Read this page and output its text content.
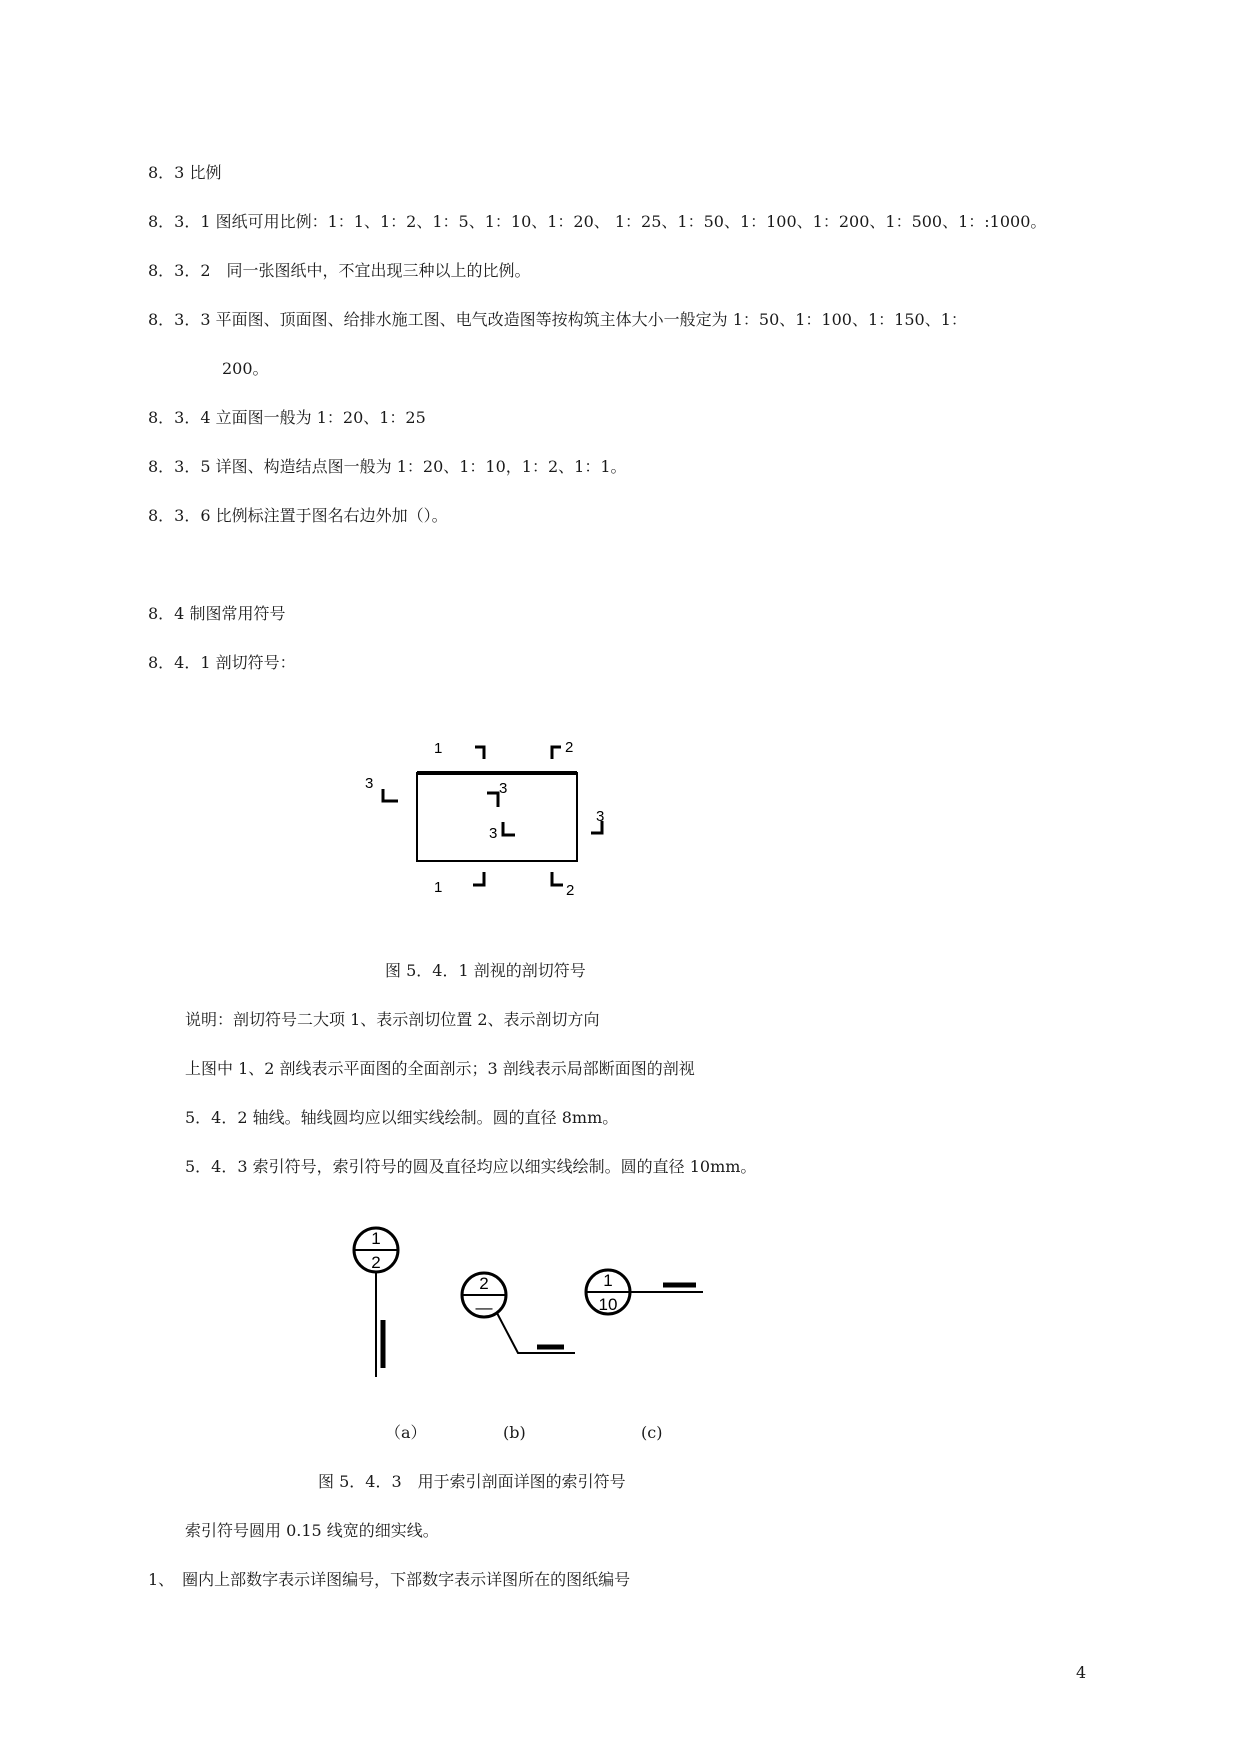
8．3 比例
8．3．1 图纸可用比例：1：1、1：2、1：5、1：10、1：20、 1：25、1：50、1：100、1：200、1：500、1：:1000。
8．3．2　同一张图纸中，不宜出现三种以上的比例。
8．3．3 平面图、顶面图、给排水施工图、电气改造图等按构筑主体大小一般定为 1：50、1：100、1：150、1：
200。
8．3．4 立面图一般为 1：20、1：25
8．3．5 详图、构造结点图一般为 1：20、1：10，1：2、1：1。
8．3．6 比例标注置于图名右边外加（）。
8．4 制图常用符号
8．4．1 剖切符号：
1	2
3	3
3
3
1	2
图 5．4．1 剖视的剖切符号
说明：剖切符号二大项 1、表示剖切位置 2、表示剖切方向
上图中 1、2 剖线表示平面图的全面剖示；3 剖线表示局部断面图的剖视
5．4．2 轴线。轴线圆均应以细实线绘制。圆的直径 8mm。
5．4．3 索引符号，索引符号的圆及直径均应以细实线绘制。圆的直径 10mm。
1
2
2
—
1
10
（a）	(b)	(c)
图 5．4．3　用于索引剖面详图的索引符号
索引符号圆用 0.15 线宽的细实线。
1、　圈内上部数字表示详图编号，下部数字表示详图所在的图纸编号
4
